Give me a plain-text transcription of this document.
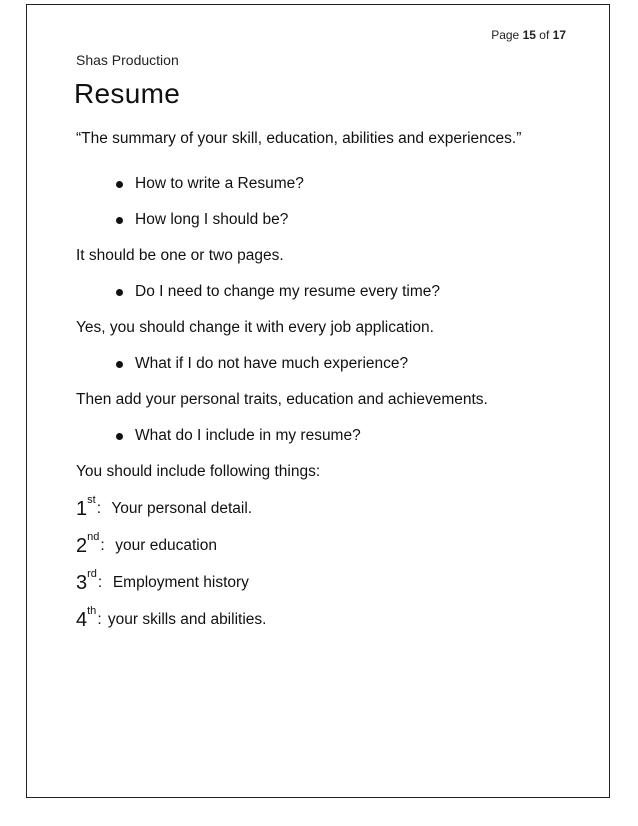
Page 15 of 17
Shas Production
Resume

“The summary of your skill, education, abilities and experiences.”

How to write a Resume?
How long I should be?
It should be one or two pages.
Do I need to change my resume every time?
Yes, you should change it with every job application.
What if I do not have much experience?
Then add your personal traits, education and achievements.
What do I include in my resume?
You should include following things:
1 st : Your personal detail.
2 nd : your education
3 rd : Employment history
4 th : your skills and abilities.
